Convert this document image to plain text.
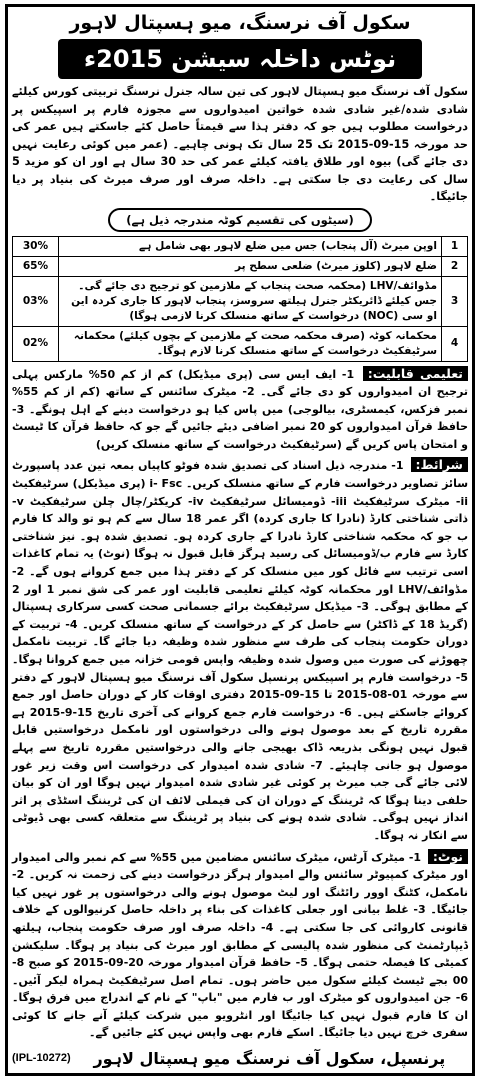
سکول آف نرسنگ، میو ہسپتال لاہور
نوٹس داخلہ سیشن 2015ء

سکول آف نرسنگ میو ہسپتال لاہور کی تین سالہ جنرل نرسنگ تربیتی کورس کیلئے شادی شدہ/غیر شادی شدہ خواتین امیدواروں سے مجوزہ فارم پر اسپیکس پر درخواست مطلوب ہیں جو کہ دفتر ہذا سے قیمتاً حاصل کئے جاسکتے ہیں عمر کی حد مورخہ 15-09-2015 تک 25 سال تک ہونی چاہیے۔ (عمر میں کوئی رعایت نہیں دی جائے گی) بیوہ اور طلاق یافتہ کیلئے عمر کی حد 30 سال ہے اور ان کو مزید 5 سال کی رعایت دی جا سکتی ہے۔ داخلہ صرف اور صرف میرٹ کی بنیاد پر دیا جائیگا۔

(سیٹوں کی تقسیم کوٹہ مندرجہ ذیل ہے)
1	اوپن میرٹ (آل پنجاب) جس میں ضلع لاہور بھی شامل ہے	30%
2	ضلع لاہور (کلوز میرٹ) ضلعی سطح پر	65%
3	مڈوائف/LHV (محکمہ صحت پنجاب کے ملازمین کو ترجیح دی جائے گی۔ جس کیلئے ڈائریکٹر جنرل ہیلتھ سروسز، پنجاب لاہور کا جاری کردہ این او سی (NOC) درخواست کے ساتھ منسلک کرنا لازمی ہوگا)	03%
4	محکمانہ کوٹہ (صرف محکمہ صحت کے ملازمین کے بچوں کیلئے) محکمانہ سرٹیفکیٹ درخواست کے ساتھ منسلک کرنا لازم ہوگا۔	02%

تعلیمی قابلیت: 1- ایف ایس سی (پری میڈیکل) کم از کم 50% مارکس پہلی ترجیح ان امیدواروں کو دی جائے گی۔ 2- میٹرک سائنس کے ساتھ (کم از کم 55% نمبر فزکس، کیمسٹری، بیالوجی) میں پاس کیا ہو درخواست دینے کے اہل ہونگے۔ 3- حافظ قرآن امیدواروں کو 20 نمبر اضافی دیئے جائیں گے جو کہ حافظ قرآن کا ٹیسٹ و امتحان پاس کریں گے (سرٹیفکیٹ درخواست کے ساتھ منسلک کریں)

شرائط: 1- مندرجہ ذیل اسناد کی تصدیق شدہ فوٹو کاپیاں بمعہ تین عدد پاسپورٹ سائز تصاویر درخواست فارم کے ساتھ منسلک کریں۔ i- Fsc (پری میڈیکل) سرٹیفکیٹ ii- میٹرک سرٹیفکیٹ iii- ڈومیسائل سرٹیفکیٹ iv- کریکٹر/چال چلن سرٹیفکیٹ v- ذاتی شناختی کارڈ (نادرا کا جاری کردہ) اگر عمر 18 سال سے کم ہو تو والد کا فارم ب جو کہ محکمہ شناختی کارڈ نادرا کے جاری کردہ ہو۔ تصدیق شدہ ہو۔ نیز شناختی کارڈ سے فارم ب/ڈومیسائل کی رسید ہرگز قابل قبول نہ ہوگا (نوٹ) یہ تمام کاغذات اسی ترتیب سے فائل کور میں منسلک کر کے دفتر ہذا میں جمع کروانے ہوں گے۔ 2- مڈوائف/LHV اور محکمانہ کوٹہ کیلئے تعلیمی قابلیت اور عمر کی شق نمبر 1 اور 2 کے مطابق ہوگی۔ 3- میڈیکل سرٹیفکیٹ برائے جسمانی صحت کسی سرکاری ہسپتال (گریڈ 18 کے ڈاکٹر) سے حاصل کر کے درخواست کے ساتھ منسلک کریں۔ 4- تربیت کے دوران حکومت پنجاب کی طرف سے منظور شدہ وظیفہ دیا جائے گا۔ تربیت نامکمل چھوڑنے کی صورت میں وصول شدہ وظیفہ واپس قومی خزانہ میں جمع کروانا ہوگا۔ 5- درخواست فارم پر اسپیکس پرنسپل سکول آف نرسنگ میو ہسپتال لاہور کے دفتر سے مورخہ 01-08-2015 تا 15-09-2015 دفتری اوقات کار کے دوران حاصل اور جمع کروائے جاسکتے ہیں۔ 6- درخواست فارم جمع کروانے کی آخری تاریخ 15-9-2015 ہے مقررہ تاریخ کے بعد موصول ہونے والی درخواستوں اور نامکمل درخواستیں قابل قبول نہیں ہونگی بذریعہ ڈاک بھیجی جانے والی درخواستیں مقررہ تاریخ سے پہلے موصول ہو جانی چاہیئے۔ 7- شادی شدہ امیدوار کی درخواست اس وقت زیر غور لائی جائے گی جب میرٹ پر کوئی غیر شادی شدہ امیدوار نہیں ہوگا اور ان کو بیان حلفی دینا ہوگا کہ ٹریننگ کے دوران ان کی فیملی لائف ان کی ٹریننگ اسٹڈی پر اثر انداز نہیں ہوگی۔ شادی شدہ ہونے کی بنیاد پر ٹریننگ سے متعلقہ کسی بھی ڈیوٹی سے انکار نہ ہوگا۔

نوٹ: 1- میٹرک آرٹس، میٹرک سائنس مضامین میں 55% سے کم نمبر والی امیدوار اور میٹرک کمپیوٹر سائنس والے امیدوار ہرگز درخواست دینے کی زحمت نہ کریں۔ 2- نامکمل، کٹنگ اوور رائٹنگ اور لیٹ موصول ہونے والی درخواستوں پر غور نہیں کیا جائیگا۔ 3- غلط بیانی اور جعلی کاغذات کی بناء پر داخلہ حاصل کرنیوالوں کے خلاف قانونی کاروائی کی جا سکتی ہے۔ 4- داخلہ صرف اور صرف حکومت پنجاب، ہیلتھ ڈیپارٹمنٹ کی منظور شدہ پالیسی کے مطابق اور میرٹ کی بنیاد پر ہوگا۔ سلیکشن کمیٹی کا فیصلہ حتمی ہوگا۔ 5- حافظ قرآن امیدوار مورخہ 20-09-2015 کو صبح 8-00 بجے ٹیسٹ کیلئے سکول میں حاضر ہوں۔ تمام اصل سرٹیفکیٹ ہمراہ لیکر آئیں۔ 6- جن امیدواروں کو میٹرک اور ب فارم میں "باپ" کے نام کے اندراج میں فرق ہوگا۔ ان کا فارم قبول نہیں کیا جائیگا اور انٹرویو میں شرکت کیلئے آنے جانے کا کوئی سفری خرچ نہیں دیا جائیگا۔ اسکے فارم بھی واپس نہیں کئے جائیں گے۔

پرنسپل، سکول آف نرسنگ میو ہسپتال لاہور
(IPL-10272)
